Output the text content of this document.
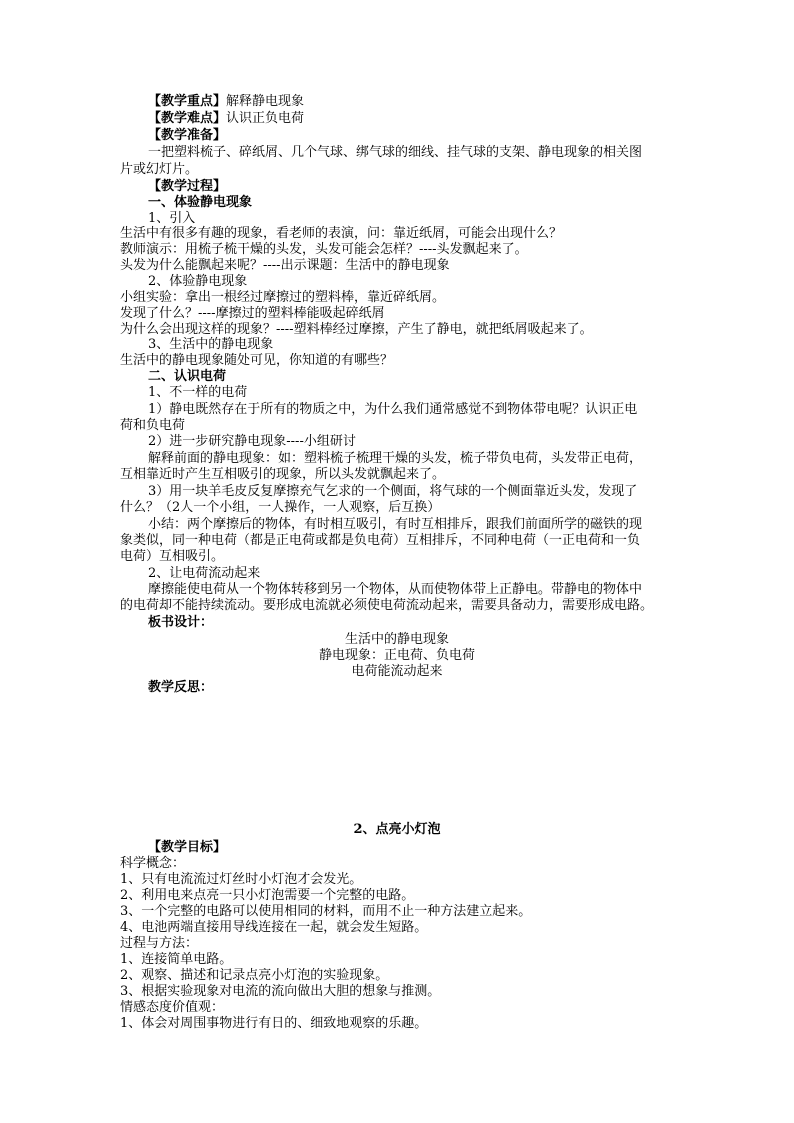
【教学重点】解释静电现象
【教学难点】认识正负电荷
【教学准备】
一把塑料梳子、碎纸屑、几个气球、绑气球的细线、挂气球的支架、静电现象的相关图
片或幻灯片。
【教学过程】
一、体验静电现象
1、引入
生活中有很多有趣的现象，看老师的表演，问：靠近纸屑，可能会出现什么？
教师演示：用梳子梳干燥的头发，头发可能会怎样？----头发飘起来了。
头发为什么能飘起来呢？----出示课题：生活中的静电现象
2、体验静电现象
小组实验：拿出一根经过摩擦过的塑料棒，靠近碎纸屑。
发现了什么？----摩擦过的塑料棒能吸起碎纸屑
为什么会出现这样的现象？----塑料棒经过摩擦，产生了静电，就把纸屑吸起来了。
3、生活中的静电现象
生活中的静电现象随处可见，你知道的有哪些？
二、认识电荷
1、不一样的电荷
1）静电既然存在于所有的物质之中，为什么我们通常感觉不到物体带电呢？认识正电
荷和负电荷
2）进一步研究静电现象----小组研讨
解释前面的静电现象：如：塑料梳子梳理干燥的头发，梳子带负电荷，头发带正电荷，
互相靠近时产生互相吸引的现象，所以头发就飘起来了。
3）用一块羊毛皮反复摩擦充气乞求的一个侧面，将气球的一个侧面靠近头发，发现了
什么？（2人一个小组，一人操作，一人观察，后互换）
小结：两个摩擦后的物体，有时相互吸引，有时互相排斥，跟我们前面所学的磁铁的现
象类似，同一种电荷（都是正电荷或都是负电荷）互相排斥，不同种电荷（一正电荷和一负
电荷）互相吸引。
2、让电荷流动起来
摩擦能使电荷从一个物体转移到另一个物体，从而使物体带上正静电。带静电的物体中
的电荷却不能持续流动。要形成电流就必须使电荷流动起来，需要具备动力，需要形成电路。
板书设计：
生活中的静电现象
静电现象：正电荷、负电荷
电荷能流动起来
教学反思：
2、点亮小灯泡
【教学目标】
科学概念：
1、只有电流流过灯丝时小灯泡才会发光。
2、利用电来点亮一只小灯泡需要一个完整的电路。
3、一个完整的电路可以使用相同的材料，而用不止一种方法建立起来。
4、电池两端直接用导线连接在一起，就会发生短路。
过程与方法：
1、连接简单电路。
2、观察、描述和记录点亮小灯泡的实验现象。
3、根据实验现象对电流的流向做出大胆的想象与推测。
情感态度价值观：
1、体会对周围事物进行有日的、细致地观察的乐趣。
